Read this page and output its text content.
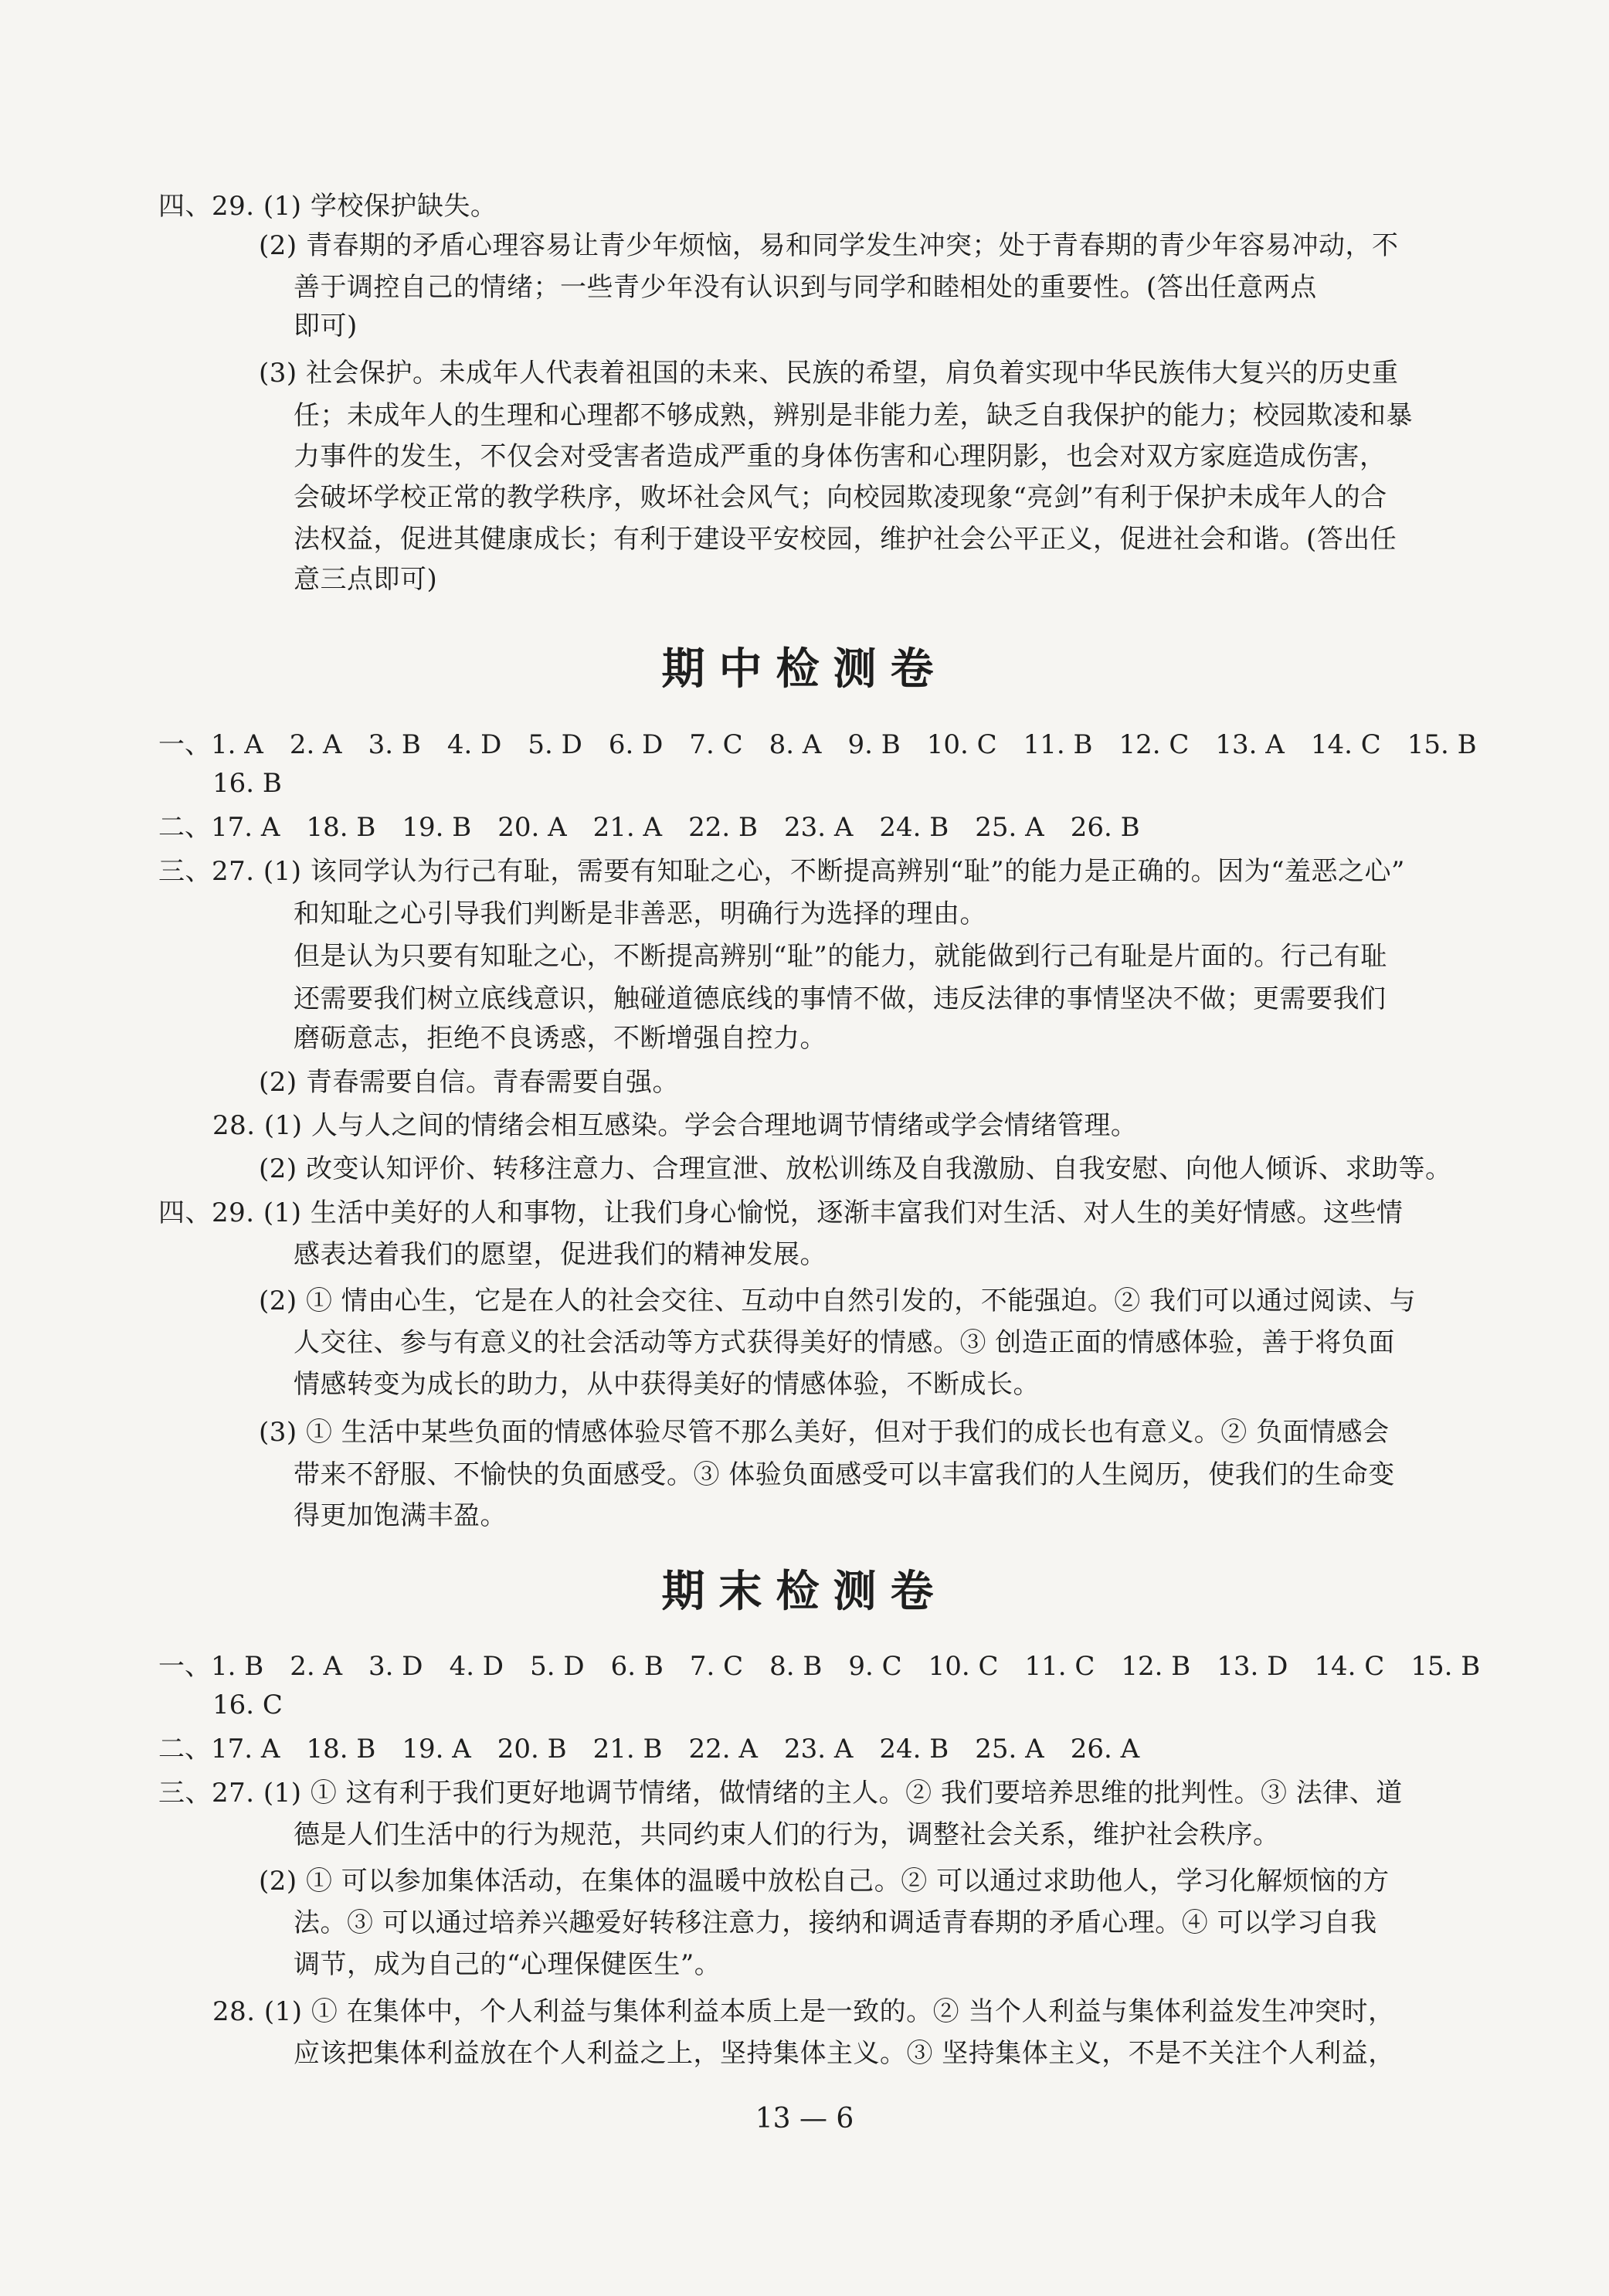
四、29. (1) 学校保护缺失。
(2) 青春期的矛盾心理容易让青少年烦恼，易和同学发生冲突；处于青春期的青少年容易冲动，不
善于调控自己的情绪；一些青少年没有认识到与同学和睦相处的重要性。(答出任意两点
即可)
(3) 社会保护。未成年人代表着祖国的未来、民族的希望，肩负着实现中华民族伟大复兴的历史重
任；未成年人的生理和心理都不够成熟，辨别是非能力差，缺乏自我保护的能力；校园欺凌和暴
力事件的发生，不仅会对受害者造成严重的身体伤害和心理阴影，也会对双方家庭造成伤害，
会破坏学校正常的教学秩序，败坏社会风气；向校园欺凌现象“亮剑”有利于保护未成年人的合
法权益，促进其健康成长；有利于建设平安校园，维护社会公平正义，促进社会和谐。(答出任
意三点即可)
期中检测卷
一、1. A 2. A 3. B 4. D 5. D 6. D 7. C 8. A 9. B 10. C 11. B 12. C 13. A 14. C 15. B
16. B
二、17. A 18. B 19. B 20. A 21. A 22. B 23. A 24. B 25. A 26. B
三、27. (1) 该同学认为行己有耻，需要有知耻之心，不断提高辨别“耻”的能力是正确的。因为“羞恶之心”
和知耻之心引导我们判断是非善恶，明确行为选择的理由。
但是认为只要有知耻之心，不断提高辨别“耻”的能力，就能做到行己有耻是片面的。行己有耻
还需要我们树立底线意识，触碰道德底线的事情不做，违反法律的事情坚决不做；更需要我们
磨砺意志，拒绝不良诱惑，不断增强自控力。
(2) 青春需要自信。青春需要自强。
28. (1) 人与人之间的情绪会相互感染。学会合理地调节情绪或学会情绪管理。
(2) 改变认知评价、转移注意力、合理宣泄、放松训练及自我激励、自我安慰、向他人倾诉、求助等。
四、29. (1) 生活中美好的人和事物，让我们身心愉悦，逐渐丰富我们对生活、对人生的美好情感。这些情
感表达着我们的愿望，促进我们的精神发展。
(2) ① 情由心生，它是在人的社会交往、互动中自然引发的，不能强迫。② 我们可以通过阅读、与
人交往、参与有意义的社会活动等方式获得美好的情感。③ 创造正面的情感体验，善于将负面
情感转变为成长的助力，从中获得美好的情感体验，不断成长。
(3) ① 生活中某些负面的情感体验尽管不那么美好，但对于我们的成长也有意义。② 负面情感会
带来不舒服、不愉快的负面感受。③ 体验负面感受可以丰富我们的人生阅历，使我们的生命变
得更加饱满丰盈。
期末检测卷
一、1. B 2. A 3. D 4. D 5. D 6. B 7. C 8. B 9. C 10. C 11. C 12. B 13. D 14. C 15. B
16. C
二、17. A 18. B 19. A 20. B 21. B 22. A 23. A 24. B 25. A 26. A
三、27. (1) ① 这有利于我们更好地调节情绪，做情绪的主人。② 我们要培养思维的批判性。③ 法律、道
德是人们生活中的行为规范，共同约束人们的行为，调整社会关系，维护社会秩序。
(2) ① 可以参加集体活动，在集体的温暖中放松自己。② 可以通过求助他人，学习化解烦恼的方
法。③ 可以通过培养兴趣爱好转移注意力，接纳和调适青春期的矛盾心理。④ 可以学习自我
调节，成为自己的“心理保健医生”。
28. (1) ① 在集体中，个人利益与集体利益本质上是一致的。② 当个人利益与集体利益发生冲突时，
应该把集体利益放在个人利益之上，坚持集体主义。③ 坚持集体主义，不是不关注个人利益，
13 — 6
